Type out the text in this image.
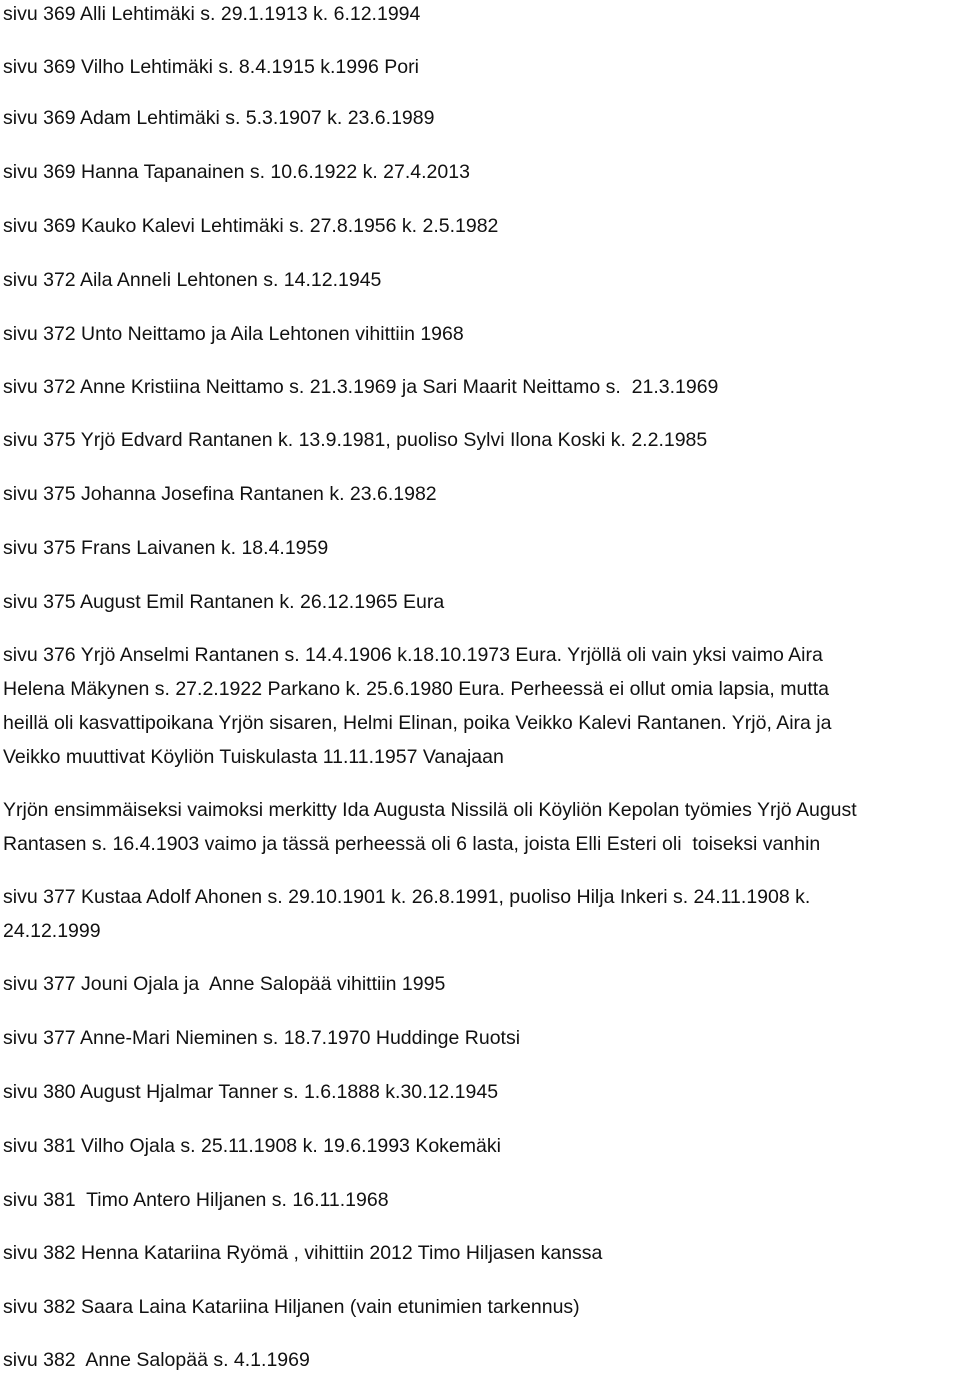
sivu 369 Alli Lehtimäki s. 29.1.1913 k. 6.12.1994

sivu 369 Vilho Lehtimäki s. 8.4.1915 k.1996 Pori

sivu 369 Adam Lehtimäki s. 5.3.1907 k. 23.6.1989

sivu 369 Hanna Tapanainen s. 10.6.1922 k. 27.4.2013

sivu 369 Kauko Kalevi Lehtimäki s. 27.8.1956 k. 2.5.1982

sivu 372 Aila Anneli Lehtonen s. 14.12.1945

sivu 372 Unto Neittamo ja Aila Lehtonen vihittiin 1968

sivu 372 Anne Kristiina Neittamo s. 21.3.1969 ja Sari Maarit Neittamo s.  21.3.1969

sivu 375 Yrjö Edvard Rantanen k. 13.9.1981, puoliso Sylvi Ilona Koski k. 2.2.1985

sivu 375 Johanna Josefina Rantanen k. 23.6.1982

sivu 375 Frans Laivanen k. 18.4.1959

sivu 375 August Emil Rantanen k. 26.12.1965 Eura

sivu 376 Yrjö Anselmi Rantanen s. 14.4.1906 k.18.10.1973 Eura. Yrjöllä oli vain yksi vaimo Aira
Helena Mäkynen s. 27.2.1922 Parkano k. 25.6.1980 Eura. Perheessä ei ollut omia lapsia, mutta
heillä oli kasvattipoikana Yrjön sisaren, Helmi Elinan, poika Veikko Kalevi Rantanen. Yrjö, Aira ja
Veikko muuttivat Köyliön Tuiskulasta 11.11.1957 Vanajaan
Yrjön ensimmäiseksi vaimoksi merkitty Ida Augusta Nissilä oli Köyliön Kepolan työmies Yrjö August
Rantasen s. 16.4.1903 vaimo ja tässä perheessä oli 6 lasta, joista Elli Esteri oli  toiseksi vanhin
sivu 377 Kustaa Adolf Ahonen s. 29.10.1901 k. 26.8.1991, puoliso Hilja Inkeri s. 24.11.1908 k.
24.12.1999

sivu 377 Jouni Ojala ja  Anne Salopää vihittiin 1995

sivu 377 Anne-Mari Nieminen s. 18.7.1970 Huddinge Ruotsi

sivu 380 August Hjalmar Tanner s. 1.6.1888 k.30.12.1945

sivu 381 Vilho Ojala s. 25.11.1908 k. 19.6.1993 Kokemäki

sivu 381  Timo Antero Hiljanen s. 16.11.1968

sivu 382 Henna Katariina Ryömä , vihittiin 2012 Timo Hiljasen kanssa

sivu 382 Saara Laina Katariina Hiljanen (vain etunimien tarkennus)

sivu 382  Anne Salopää s. 4.1.1969
